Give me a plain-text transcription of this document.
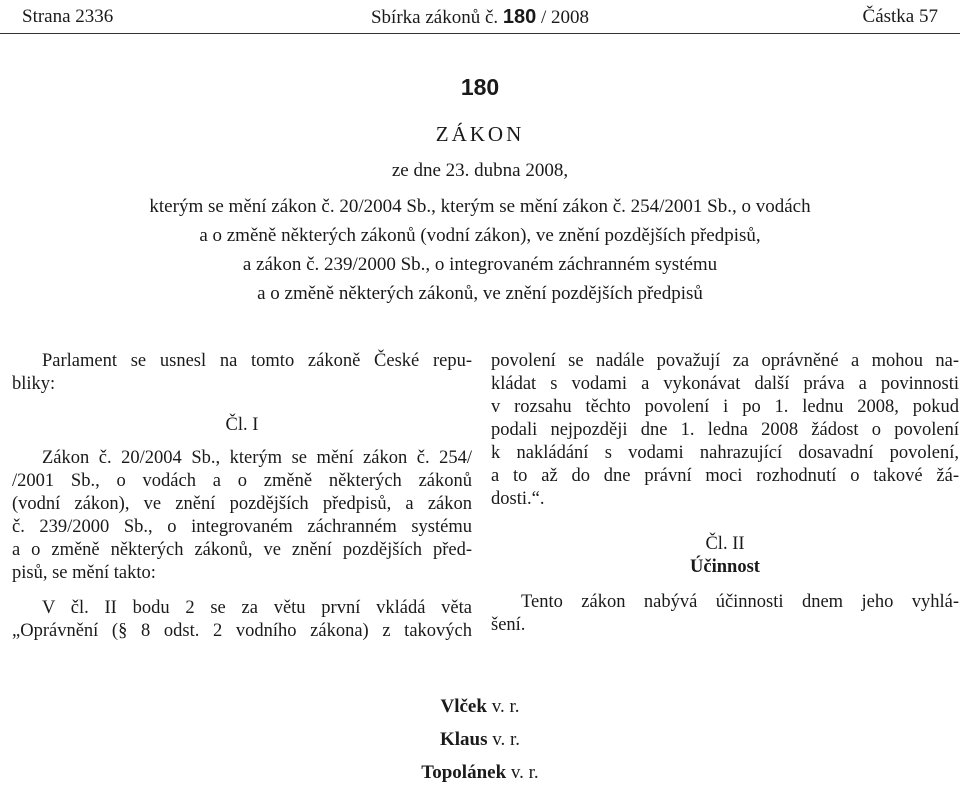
Strana 2336	Sbírka zákonů č. 180 / 2008	Částka 57
180
ZÁKON
ze dne 23. dubna 2008,
kterým se mění zákon č. 20/2004 Sb., kterým se mění zákon č. 254/2001 Sb., o vodách
a o změně některých zákonů (vodní zákon), ve znění pozdějších předpisů,
a zákon č. 239/2000 Sb., o integrovaném záchranném systému
a o změně některých zákonů, ve znění pozdějších předpisů

Parlament se usnesl na tomto zákoně České repu-
bliky:

Čl. I

Zákon č. 20/2004 Sb., kterým se mění zákon č. 254/
/2001 Sb., o vodách a o změně některých zákonů
(vodní zákon), ve znění pozdějších předpisů, a zákon
č. 239/2000 Sb., o integrovaném záchranném systému
a o změně některých zákonů, ve znění pozdějších před-
pisů, se mění takto:

V čl. II bodu 2 se za větu první vkládá věta
„Oprávnění (§ 8 odst. 2 vodního zákona) z takových

povolení se nadále považují za oprávněné a mohou na-
kládat s vodami a vykonávat další práva a povinnosti
v rozsahu těchto povolení i po 1. lednu 2008, pokud
podali nejpozději dne 1. ledna 2008 žádost o povolení
k nakládání s vodami nahrazující dosavadní povolení,
a to až do dne právní moci rozhodnutí o takové žá-
dosti.“.

Čl. II

Účinnost

Tento zákon nabývá účinnosti dnem jeho vyhlá-
šení.

Vlček v. r.
Klaus v. r.
Topolánek v. r.
